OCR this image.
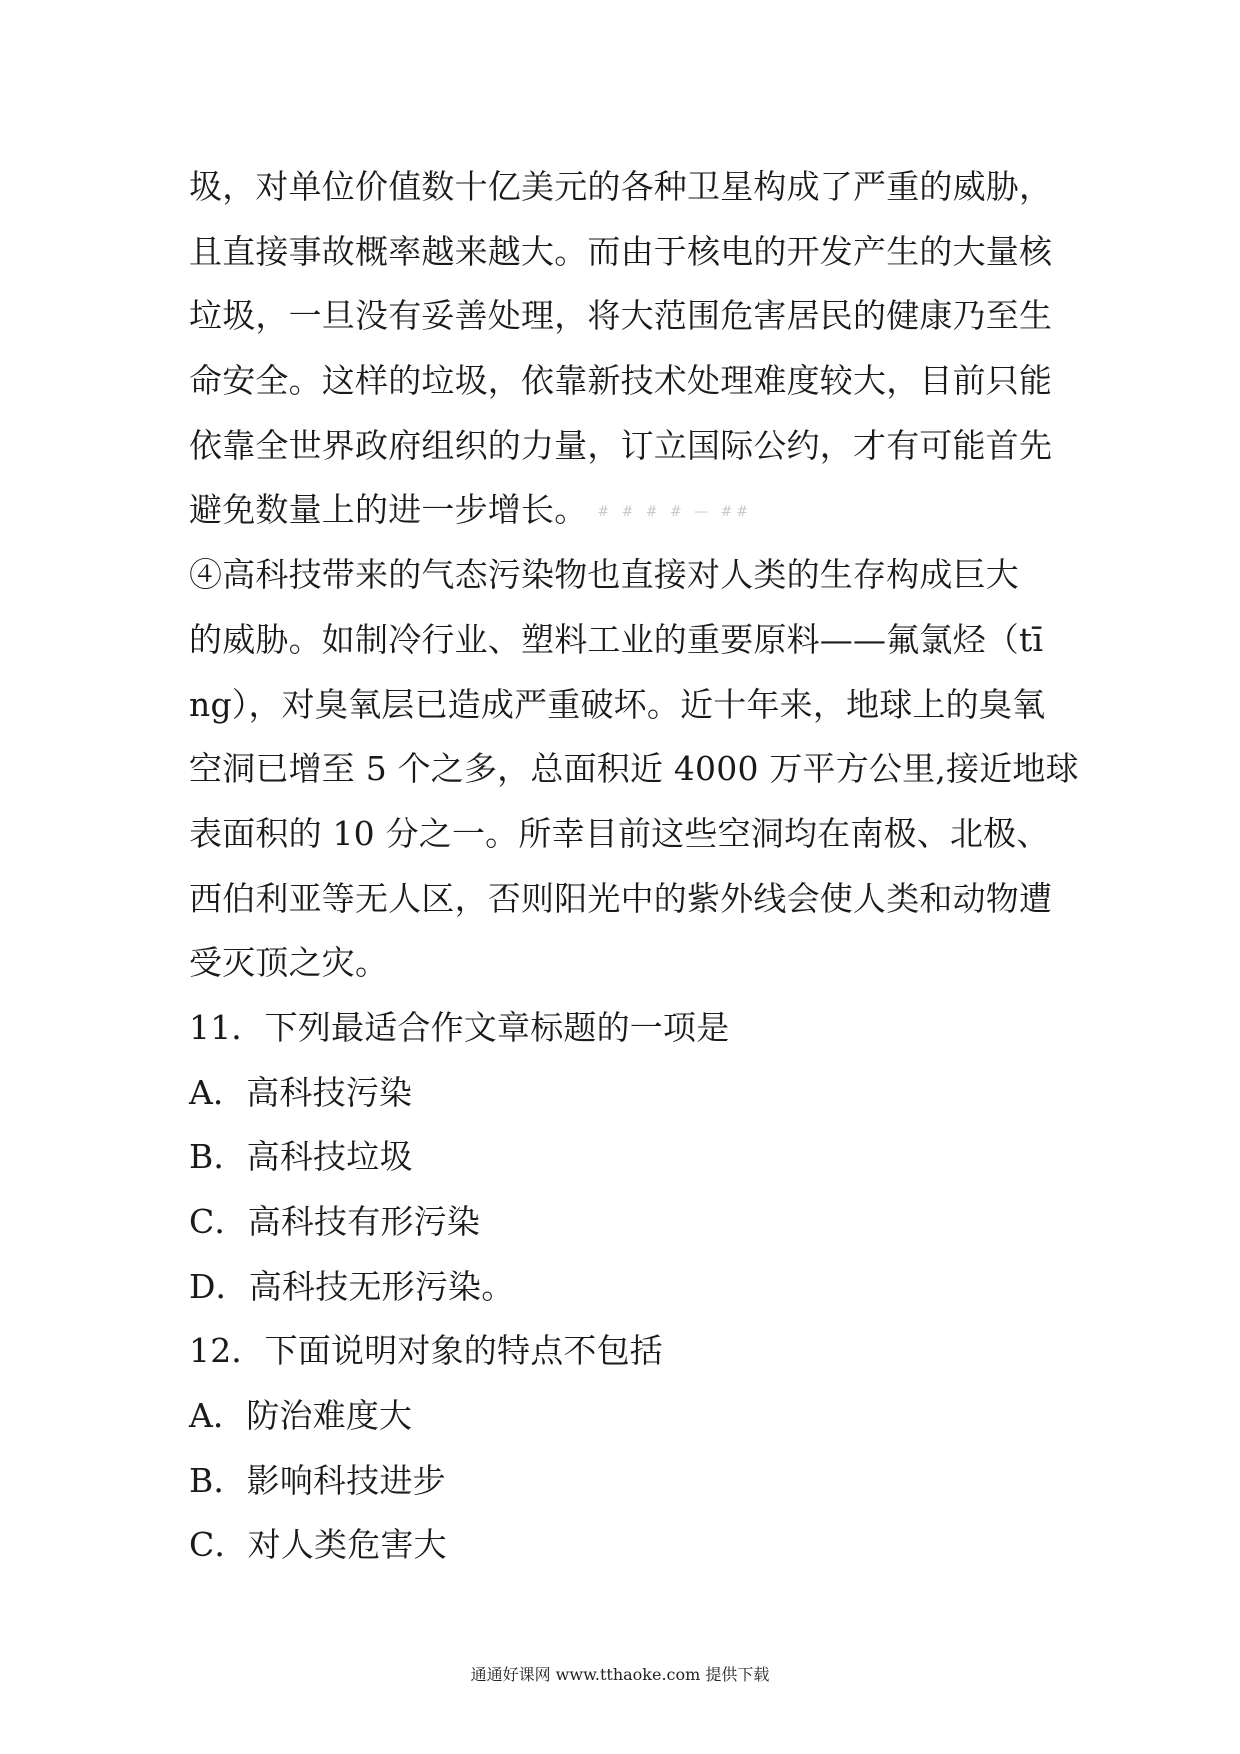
圾，对单位价值数十亿美元的各种卫星构成了严重的威胁，
且直接事故概率越来越大。而由于核电的开发产生的大量核
垃圾，一旦没有妥善处理，将大范围危害居民的健康乃至生
命安全。这样的垃圾，依靠新技术处理难度较大，目前只能
依靠全世界政府组织的力量，订立国际公约，才有可能首先
避免数量上的进一步增长。 # # # # — ##
④高科技带来的气态污染物也直接对人类的生存构成巨大
的威胁。如制冷行业、塑料工业的重要原料——氟氯烃（tī
ng），对臭氧层已造成严重破坏。近十年来，地球上的臭氧
空洞已增至 5 个之多，总面积近 4000 万平方公里,接近地球
表面积的 10 分之一。所幸目前这些空洞均在南极、北极、
西伯利亚等无人区，否则阳光中的紫外线会使人类和动物遭
受灭顶之灾。
11．下列最适合作文章标题的一项是
A．高科技污染
B．高科技垃圾
C．高科技有形污染
D．高科技无形污染。
12．下面说明对象的特点不包括
A．防治难度大
B．影响科技进步
C．对人类危害大
通通好课网 www.tthaoke.com 提供下载
